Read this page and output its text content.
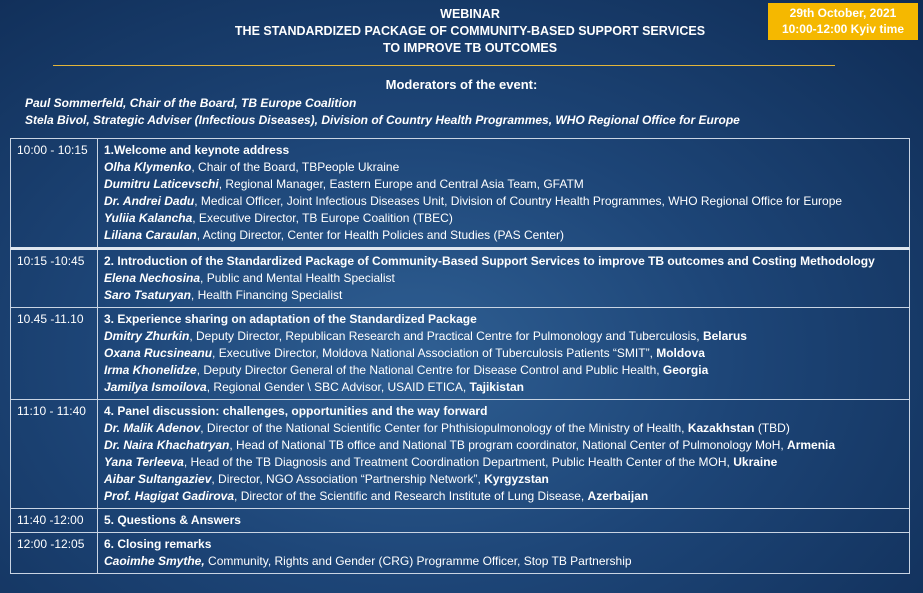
WEBINAR
THE STANDARDIZED PACKAGE OF COMMUNITY-BASED SUPPORT SERVICES
TO IMPROVE TB OUTCOMES
29th October, 2021
10:00-12:00 Kyiv time
Moderators of the event:
Paul Sommerfeld, Chair of the Board, TB Europe Coalition
Stela Bivol, Strategic Adviser (Infectious Diseases), Division of Country Health Programmes, WHO Regional Office for Europe
10:00 - 10:15	1.Welcome and keynote address
Olha Klymenko, Chair of the Board, TBPeople Ukraine
Dumitru Laticevschi, Regional Manager, Eastern Europe and Central Asia Team, GFATM
Dr. Andrei Dadu, Medical Officer, Joint Infectious Diseases Unit, Division of Country Health Programmes, WHO Regional Office for Europe
Yuliia Kalancha, Executive Director, TB Europe Coalition (TBEC)
Liliana Caraulan, Acting Director, Center for Health Policies and Studies (PAS Center)
10:15 -10:45	2. Introduction of the Standardized Package of Community-Based Support Services to improve TB outcomes and Costing Methodology
Elena Nechosina, Public and Mental Health Specialist
Saro Tsaturyan, Health Financing Specialist
10.45 -11.10	3. Experience sharing on adaptation of the Standardized Package
Dmitry Zhurkin, Deputy Director, Republican Research and Practical Centre for Pulmonology and Tuberculosis, Belarus
Oxana Rucsineanu, Executive Director, Moldova National Association of Tuberculosis Patients “SMIT”, Moldova
Irma Khonelidze, Deputy Director General of the National Centre for Disease Control and Public Health, Georgia
Jamilya Ismoilova, Regional Gender \ SBC Advisor, USAID ETICA, Tajikistan
11:10 - 11:40	4. Panel discussion: challenges, opportunities and the way forward
Dr. Malik Adenov, Director of the National Scientific Center for Phthisiopulmonology of the Ministry of Health, Kazakhstan (TBD)
Dr. Naira Khachatryan, Head of National TB office and National TB program coordinator, National Center of Pulmonology MoH, Armenia
Yana Terleeva, Head of the TB Diagnosis and Treatment Coordination Department, Public Health Center of the MOH, Ukraine
Aibar Sultangaziev, Director, NGO Association “Partnership Network”, Kyrgyzstan
Prof. Hagigat Gadirova, Director of the Scientific and Research Institute of Lung Disease, Azerbaijan
11:40 -12:00	5. Questions & Answers
12:00 -12:05	6. Closing remarks
Caoimhe Smythe, Community, Rights and Gender (CRG) Programme Officer, Stop TB Partnership
